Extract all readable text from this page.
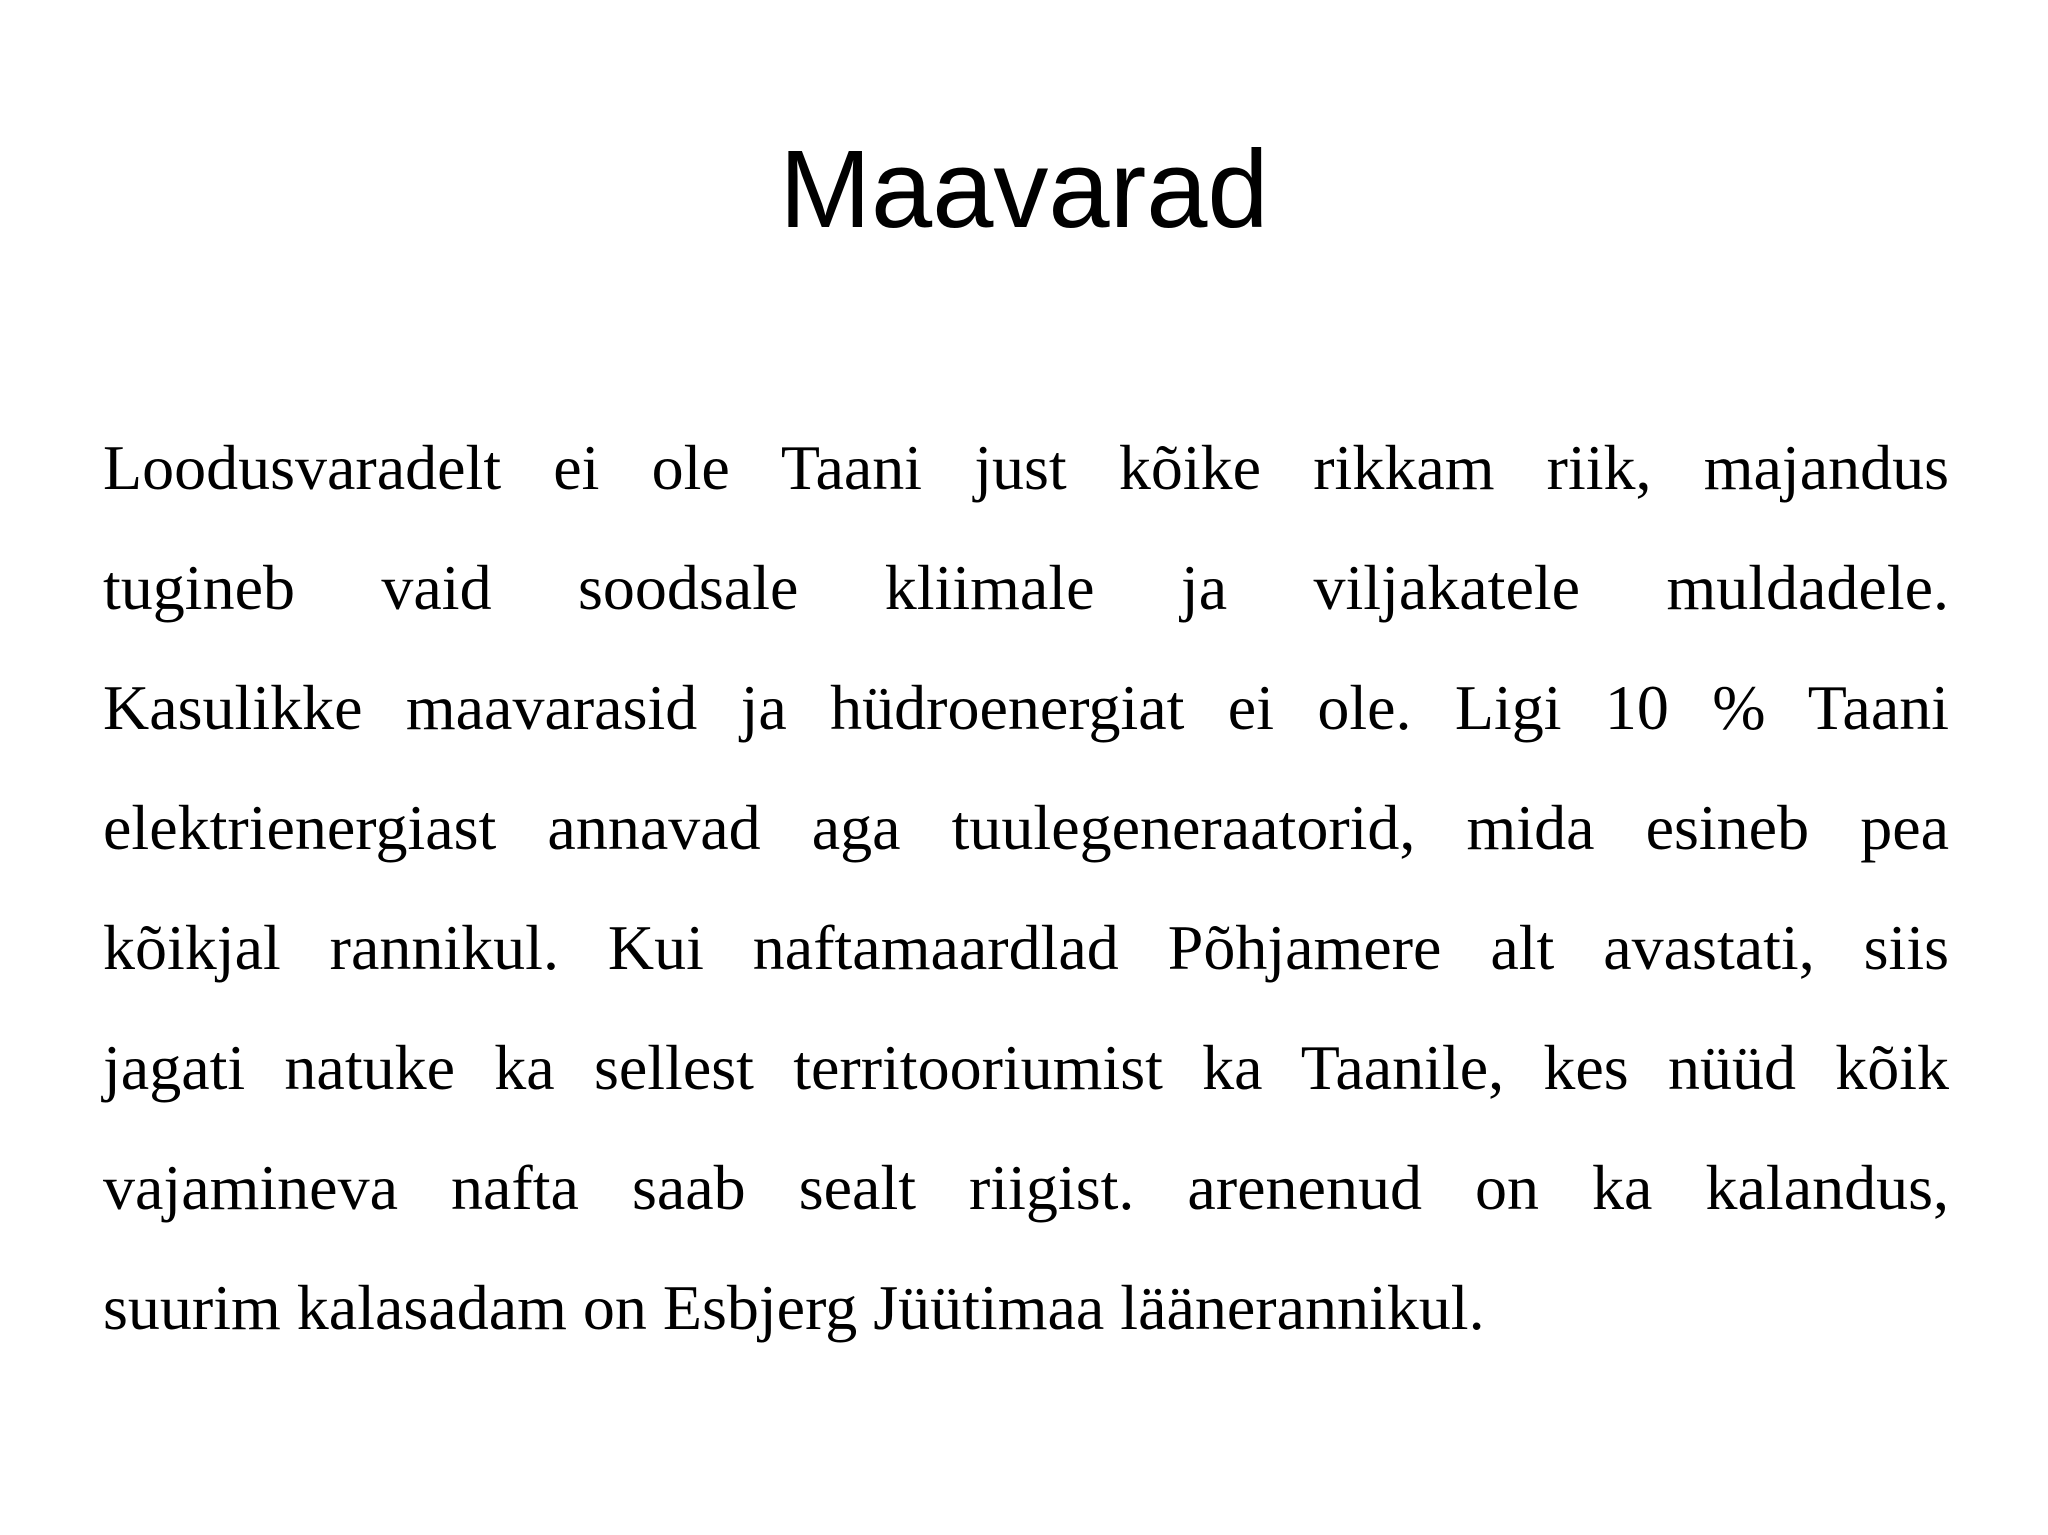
Maavarad
Loodusvaradelt ei ole Taani just kõike rikkam riik, majandus
tugineb vaid soodsale kliimale ja viljakatele muldadele.
Kasulikke maavarasid ja hüdroenergiat ei ole. Ligi 10 % Taani
elektrienergiast annavad aga tuulegeneraatorid, mida esineb pea
kõikjal rannikul. Kui naftamaardlad Põhjamere alt avastati, siis
jagati natuke ka sellest territooriumist ka Taanile, kes nüüd kõik
vajamineva nafta saab sealt riigist. arenenud on ka kalandus,
suurim kalasadam on Esbjerg Jüütimaa läänerannikul.
